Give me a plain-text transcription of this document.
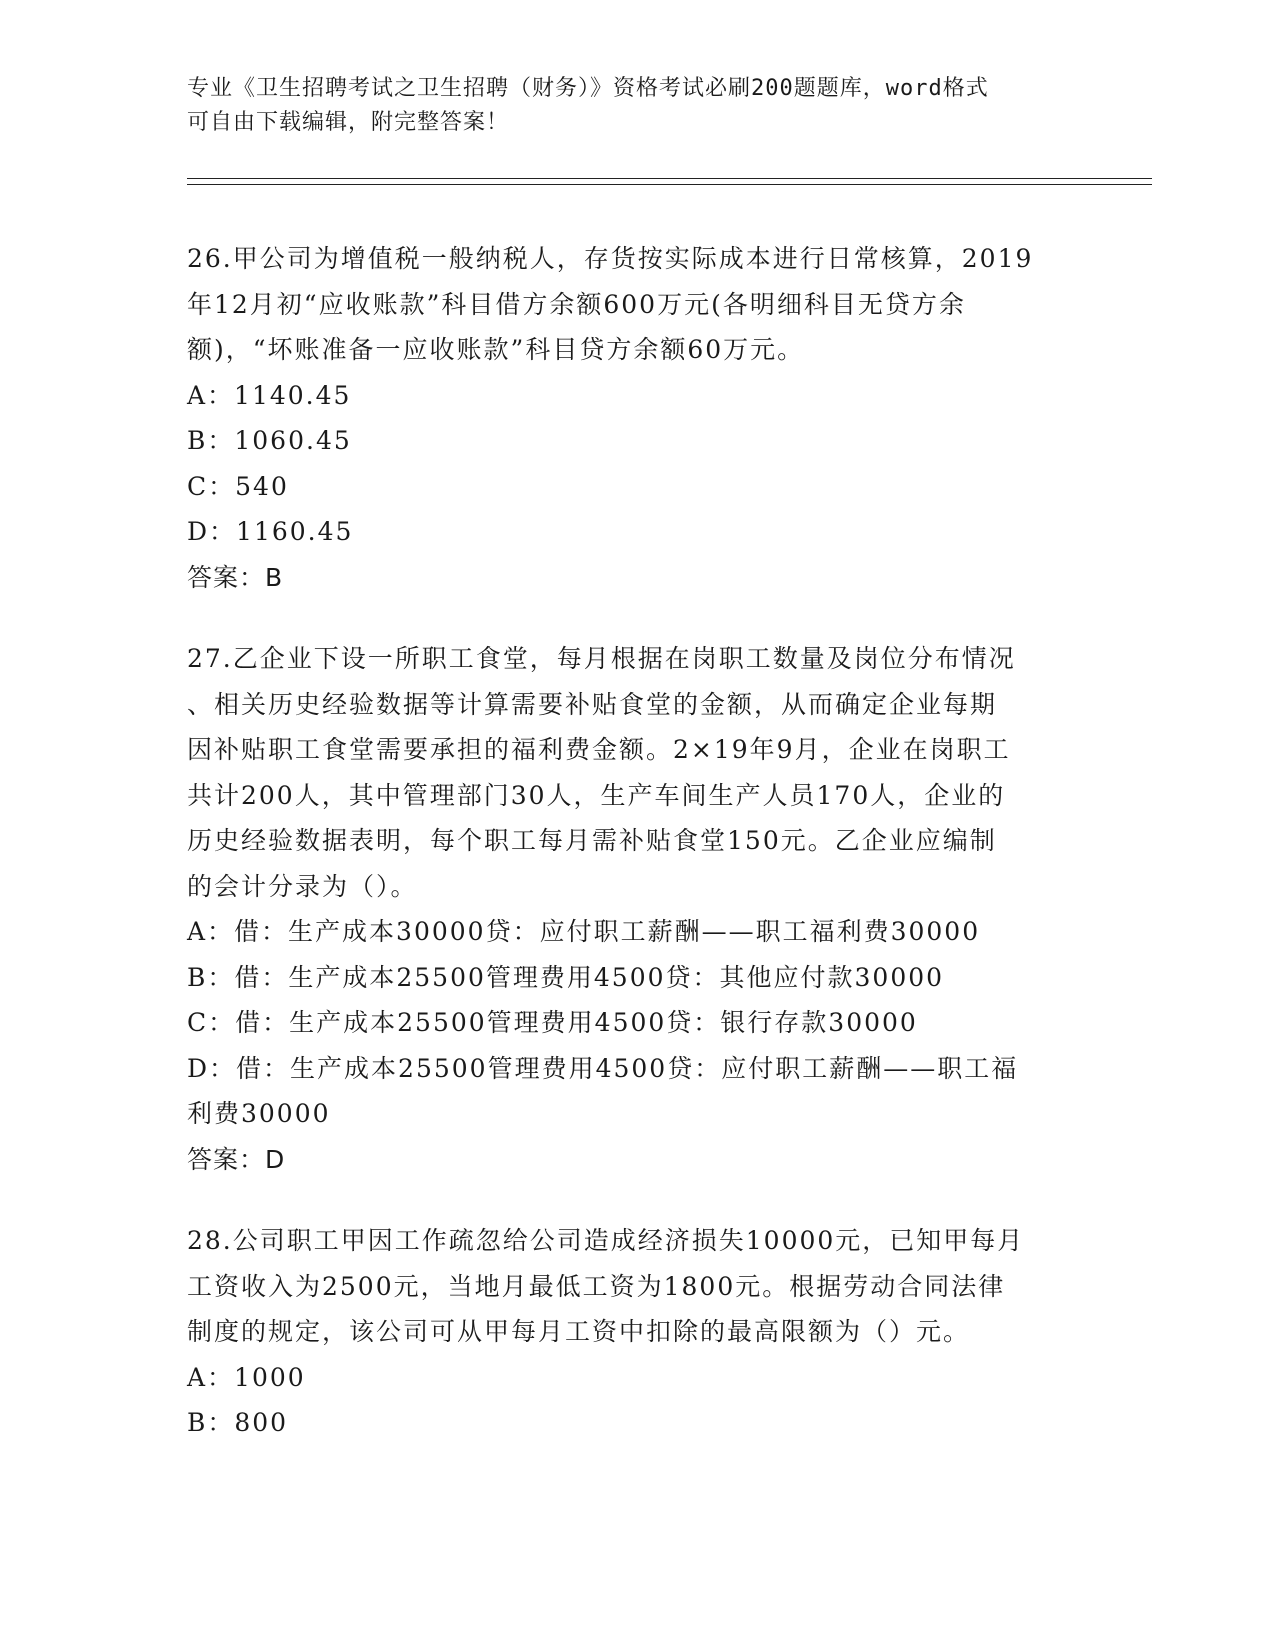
专业《卫生招聘考试之卫生招聘（财务）》资格考试必刷200题题库，word格式
可自由下载编辑，附完整答案！
26.甲公司为增值税一般纳税人，存货按实际成本进行日常核算，2019
年12月初“应收账款”科目借方余额600万元(各明细科目无贷方余
额)，“坏账准备一应收账款”科目贷方余额60万元。
A：1140.45
B：1060.45
C：540
D：1160.45
答案：B
27.乙企业下设一所职工食堂，每月根据在岗职工数量及岗位分布情况
、相关历史经验数据等计算需要补贴食堂的金额，从而确定企业每期
因补贴职工食堂需要承担的福利费金额。2×19年9月，企业在岗职工
共计200人，其中管理部门30人，生产车间生产人员170人，企业的
历史经验数据表明，每个职工每月需补贴食堂150元。乙企业应编制
的会计分录为（）。
A：借：生产成本30000贷：应付职工薪酬——职工福利费30000
B：借：生产成本25500管理费用4500贷：其他应付款30000
C：借：生产成本25500管理费用4500贷：银行存款30000
D：借：生产成本25500管理费用4500贷：应付职工薪酬——职工福
利费30000
答案：D
28.公司职工甲因工作疏忽给公司造成经济损失10000元，已知甲每月
工资收入为2500元，当地月最低工资为1800元。根据劳动合同法律
制度的规定，该公司可从甲每月工资中扣除的最高限额为（）元。
A：1000
B：800
